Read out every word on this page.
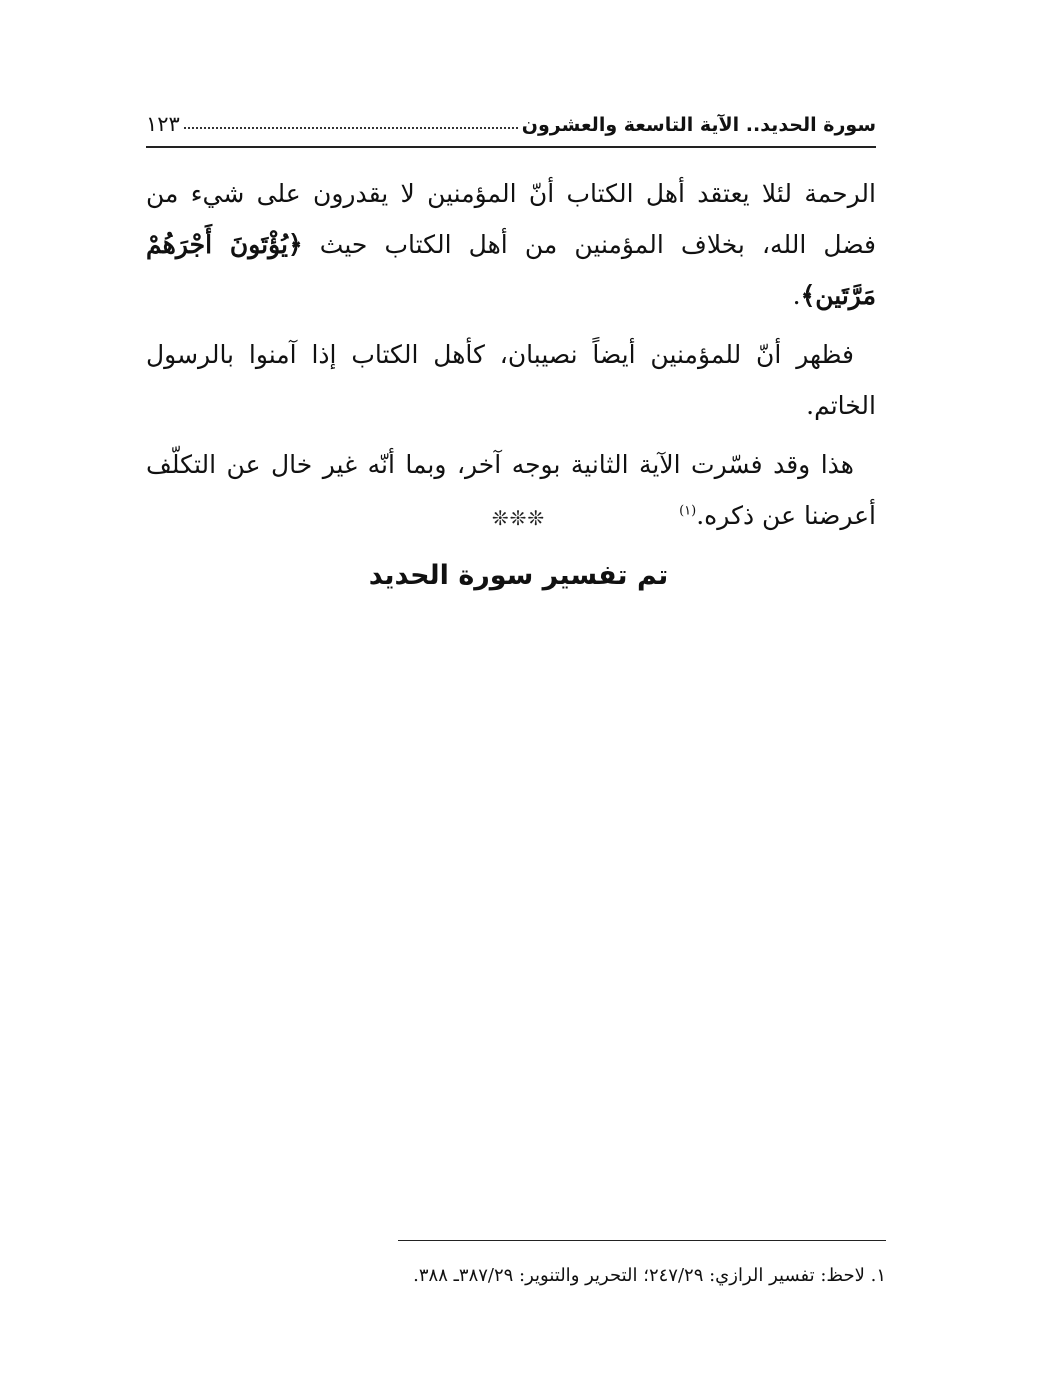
سورة الحديد.. الآية التاسعة والعشرون
١٢٣

الرحمة لئلا يعتقد أهل الكتاب أنّ المؤمنين لا يقدرون على شيء من فضل الله، بخلاف المؤمنين من أهل الكتاب حيث ﴿يُؤْتَونَ أَجْرَهُمْ مَرَّتَين﴾.

فظهر أنّ للمؤمنين أيضاً نصيبان، كأهل الكتاب إذا آمنوا بالرسول الخاتم.

هذا وقد فسّرت الآية الثانية بوجه آخر، وبما أنّه غير خال عن التكلّف أعرضنا عن ذكره.$^{(١)}$

❊❊❊
تم تفسير سورة الحديد
١. لاحظ: تفسير الرازي: ٢٤٧/٢٩؛ التحرير والتنوير: ٣٨٧/٢٩ـ ٣٨٨.
